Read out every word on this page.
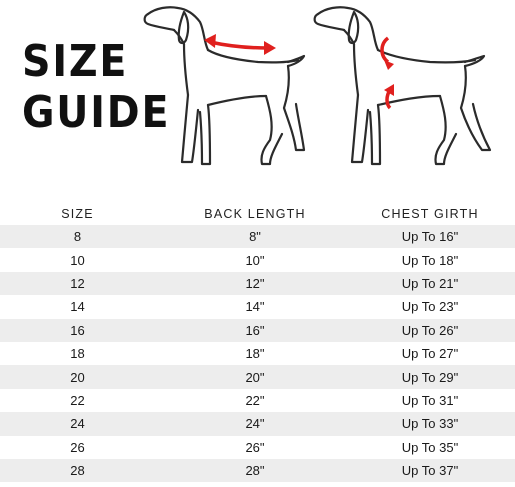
SIZE
GUIDE
SIZE	BACK LENGTH	CHEST GIRTH
8	8"	Up To 16"
10	10"	Up To 18"
12	12"	Up To 21"
14	14"	Up To 23"
16	16"	Up To 26"
18	18"	Up To 27"
20	20"	Up To 29"
22	22"	Up To 31"
24	24"	Up To 33"
26	26"	Up To 35"
28	28"	Up To 37"
